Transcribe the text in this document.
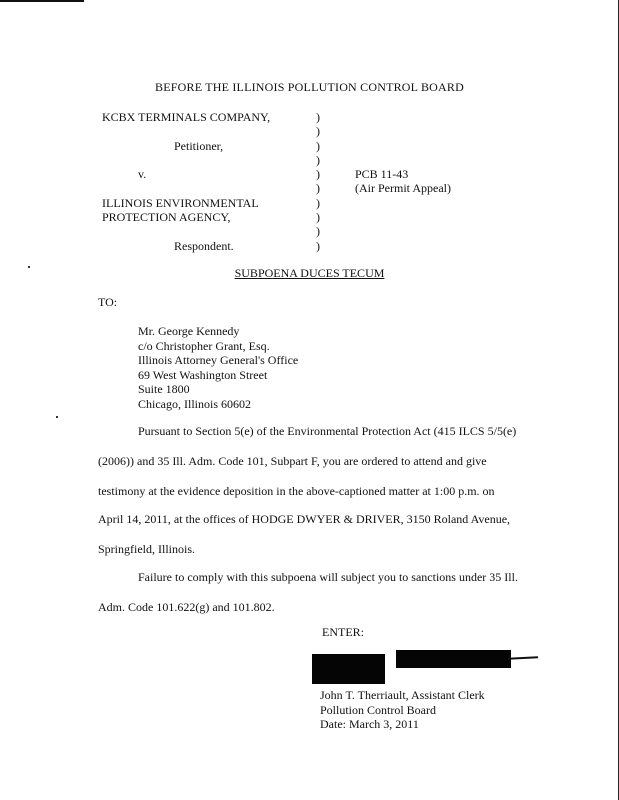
BEFORE THE ILLINOIS POLLUTION CONTROL BOARD
KCBX TERMINALS COMPANY,
Petitioner,
v.
ILLINOIS ENVIRONMENTAL
PROTECTION AGENCY,
Respondent.
)
)
)
)
)
)
)
)
)
)
PCB 11-43
(Air Permit Appeal)
SUBPOENA DUCES TECUM
TO:
Mr. George Kennedy
c/o Christopher Grant, Esq.
Illinois Attorney General's Office
69 West Washington Street
Suite 1800
Chicago, Illinois 60602
Pursuant to Section 5(e) of the Environmental Protection Act (415 ILCS 5/5(e)
(2006)) and 35 Ill. Adm. Code 101, Subpart F, you are ordered to attend and give
testimony at the evidence deposition in the above-captioned matter at 1:00 p.m. on
April 14, 2011, at the offices of HODGE DWYER & DRIVER, 3150 Roland Avenue,
Springfield, Illinois.
Failure to comply with this subpoena will subject you to sanctions under 35 Ill.
Adm. Code 101.622(g) and 101.802.
ENTER:
John T. Therriault, Assistant Clerk
Pollution Control Board
Date: March 3, 2011
